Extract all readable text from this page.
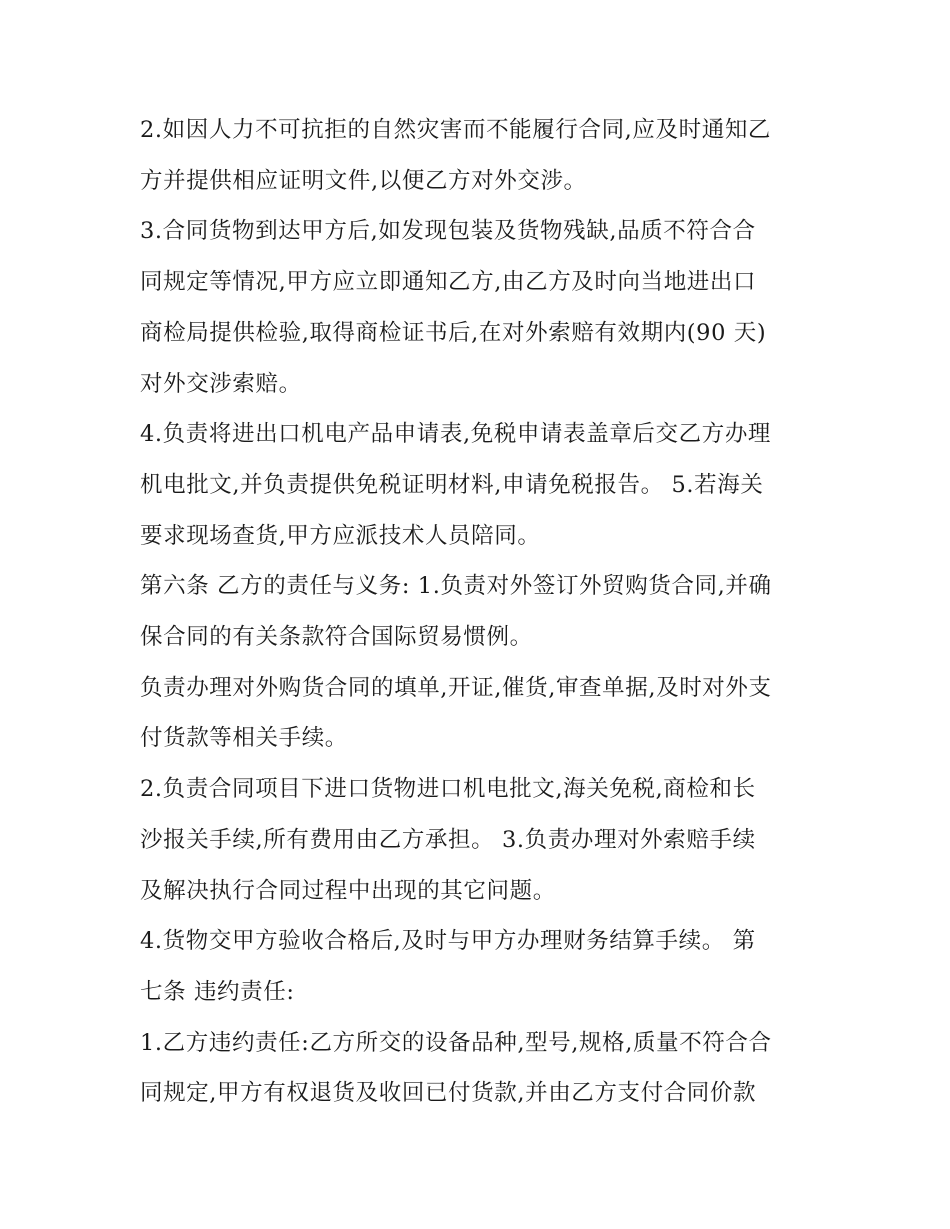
2.如因人力不可抗拒的自然灾害而不能履行合同,应及时通知乙

方并提供相应证明文件,以便乙方对外交涉。

3.合同货物到达甲方后,如发现包装及货物残缺,品质不符合合

同规定等情况,甲方应立即通知乙方,由乙方及时向当地进出口

商检局提供检验,取得商检证书后,在对外索赔有效期内(90 天)

对外交涉索赔。

4.负责将进出口机电产品申请表,免税申请表盖章后交乙方办理

机电批文,并负责提供免税证明材料,申请免税报告。 5.若海关

要求现场查货,甲方应派技术人员陪同。

第六条 乙方的责任与义务: 1.负责对外签订外贸购货合同,并确

保合同的有关条款符合国际贸易惯例。

负责办理对外购货合同的填单,开证,催货,审查单据,及时对外支

付货款等相关手续。

2.负责合同项目下进口货物进口机电批文,海关免税,商检和长

沙报关手续,所有费用由乙方承担。 3.负责办理对外索赔手续

及解决执行合同过程中出现的其它问题。

4.货物交甲方验收合格后,及时与甲方办理财务结算手续。 第

七条 违约责任:

1.乙方违约责任:乙方所交的设备品种,型号,规格,质量不符合合

同规定,甲方有权退货及收回已付货款,并由乙方支付合同价款
